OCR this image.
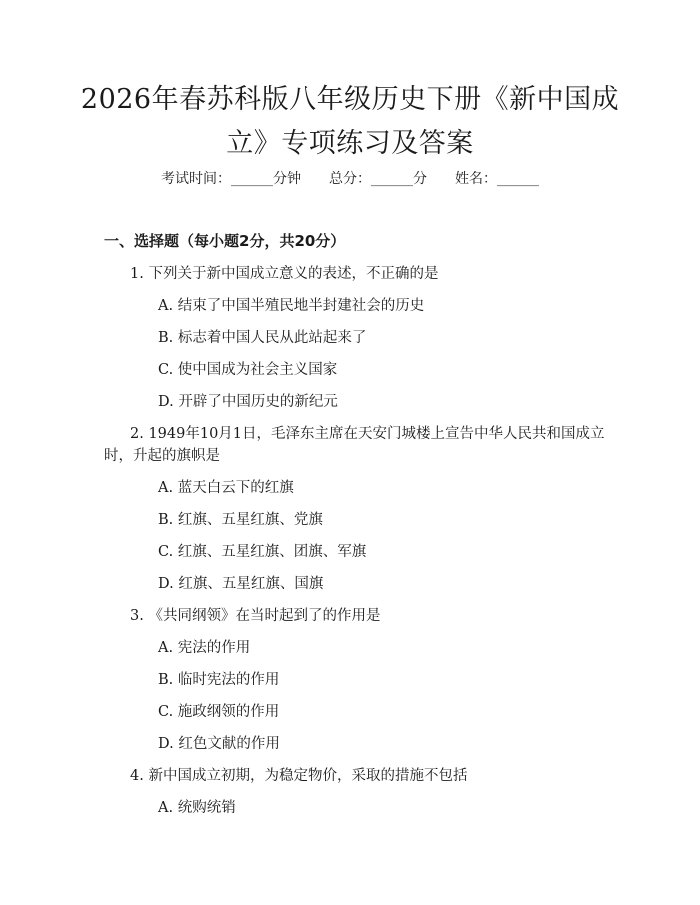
2026年春苏科版八年级历史下册《新中国成
立》专项练习及答案
考试时间：______分钟 总分：______分 姓名：______
一、选择题（每小题2分，共20分）
1. 下列关于新中国成立意义的表述，不正确的是
A. 结束了中国半殖民地半封建社会的历史
B. 标志着中国人民从此站起来了
C. 使中国成为社会主义国家
D. 开辟了中国历史的新纪元
2. 1949年10月1日，毛泽东主席在天安门城楼上宣告中华人民共和国成立
时，升起的旗帜是
A. 蓝天白云下的红旗
B. 红旗、五星红旗、党旗
C. 红旗、五星红旗、团旗、军旗
D. 红旗、五星红旗、国旗
3. 《共同纲领》在当时起到了的作用是
A. 宪法的作用
B. 临时宪法的作用
C. 施政纲领的作用
D. 红色文献的作用
4. 新中国成立初期，为稳定物价，采取的措施不包括
A. 统购统销
